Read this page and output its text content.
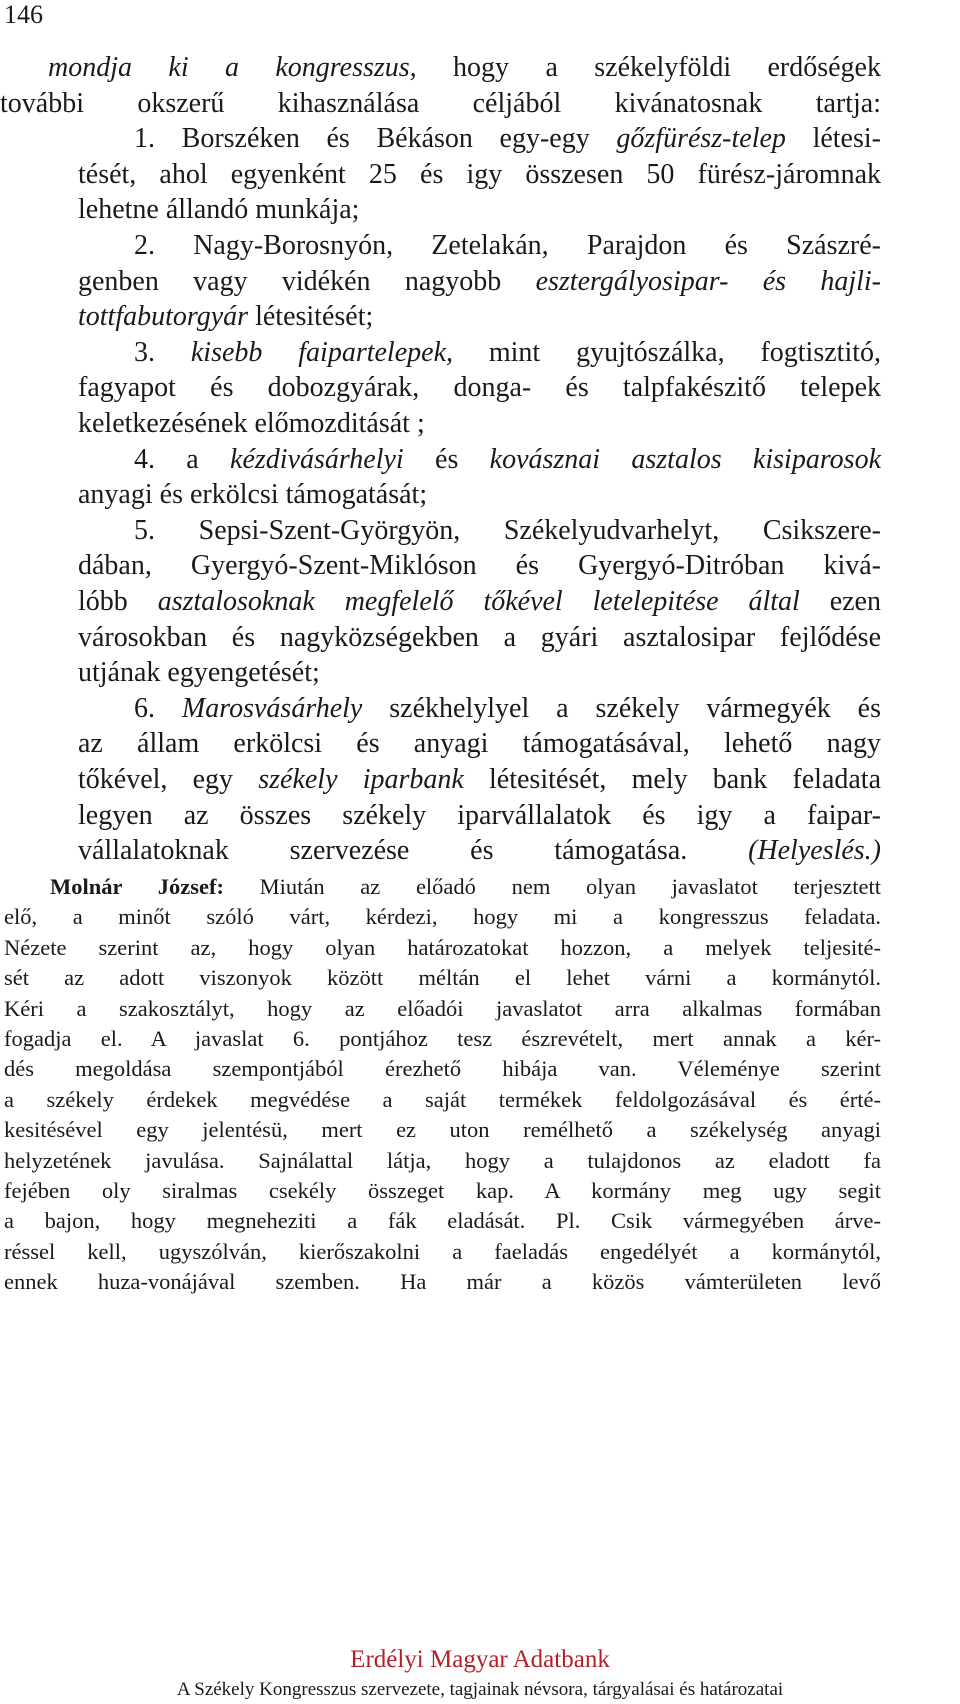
146
mondja ki a kongresszus, hogy a székelyföldi erdőségek
további okszerű kihasználása céljából kivánatosnak tartja:
1. Borszéken és Békáson egy-egy gőzfürész-telep létesi-
tését, ahol egyenként 25 és igy összesen 50 fürész-járomnak
lehetne állandó munkája;
2. Nagy-Borosnyón, Zetelakán, Parajdon és Szászré-
genben vagy vidékén nagyobb esztergályosipar- és hajli-
tottfabutorgyár létesitését;
3. kisebb faipartelepek, mint gyujtószálka, fogtisztitó,
fagyapot és dobozgyárak, donga- és talpfakészitő telepek
keletkezésének előmozditását ;
4. a kézdivásárhelyi és kovásznai asztalos kisiparosok
anyagi és erkölcsi támogatását;
5. Sepsi-Szent-Györgyön, Székelyudvarhelyt, Csikszere-
dában, Gyergyó-Szent-Miklóson és Gyergyó-Ditróban kivá-
lóbb asztalosoknak megfelelő tőkével letelepitése által ezen
városokban és nagyközségekben a gyári asztalosipar fejlődése
utjának egyengetését;
6. Marosvásárhely székhelylyel a székely vármegyék és
az állam erkölcsi és anyagi támogatásával, lehető nagy
tőkével, egy székely iparbank létesitését, mely bank feladata
legyen az összes székely iparvállalatok és igy a faipar-
vállalatoknak szervezése és támogatása. (Helyeslés.)
Molnár József: Miután az előadó nem olyan javaslatot terjesztett
elő, a minőt szóló várt, kérdezi, hogy mi a kongresszus feladata.
Nézete szerint az, hogy olyan határozatokat hozzon, a melyek teljesité-
sét az adott viszonyok között méltán el lehet várni a kormánytól.
Kéri a szakosztályt, hogy az előadói javaslatot arra alkalmas formában
fogadja el. A javaslat 6. pontjához tesz észrevételt, mert annak a kér-
dés megoldása szempontjából érezhető hibája van. Véleménye szerint
a székely érdekek megvédése a saját termékek feldolgozásával és érté-
kesitésével egy jelentésü, mert ez uton remélhető a székelység anyagi
helyzetének javulása. Sajnálattal látja, hogy a tulajdonos az eladott fa
fejében oly siralmas csekély összeget kap. A kormány meg ugy segit
a bajon, hogy megneheziti a fák eladását. Pl. Csik vármegyében árve-
réssel kell, ugyszólván, kierőszakolni a faeladás engedélyét a kormánytól,
ennek huza-vonájával szemben. Ha már a közös vámterületen levő
Erdélyi Magyar Adatbank
A Székely Kongresszus szervezete, tagjainak névsora, tárgyalásai és határozatai
